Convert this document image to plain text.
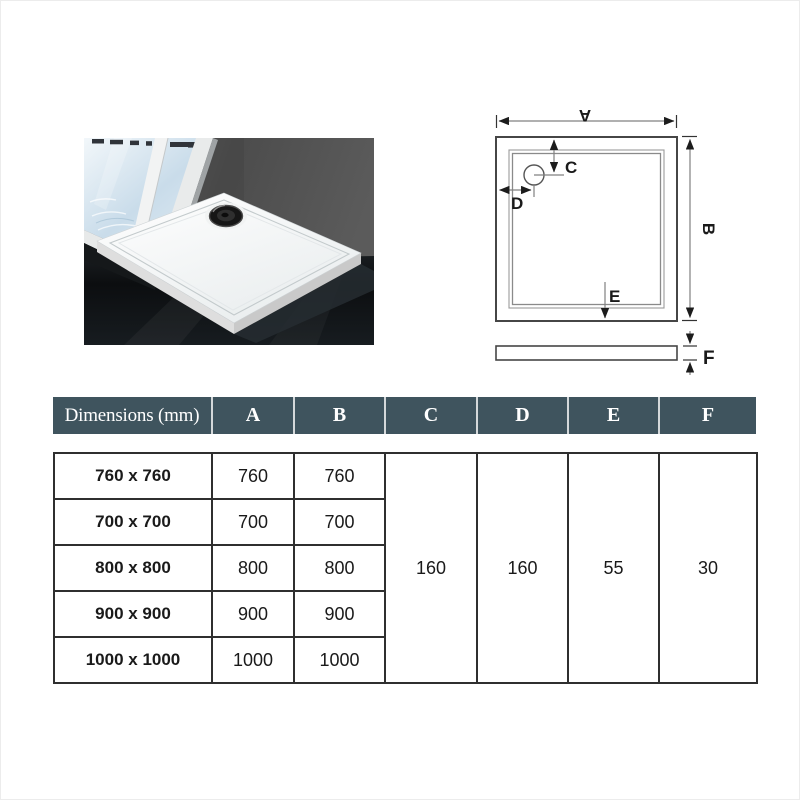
A
B
C
D
E
F
Dimensions (mm)	A	B	C	D	E	F
760 x 760	760	760	160	160	55	30
700 x 700	700	700				
800 x 800	800	800				
900 x 900	900	900				
1000 x 1000	1000	1000				
